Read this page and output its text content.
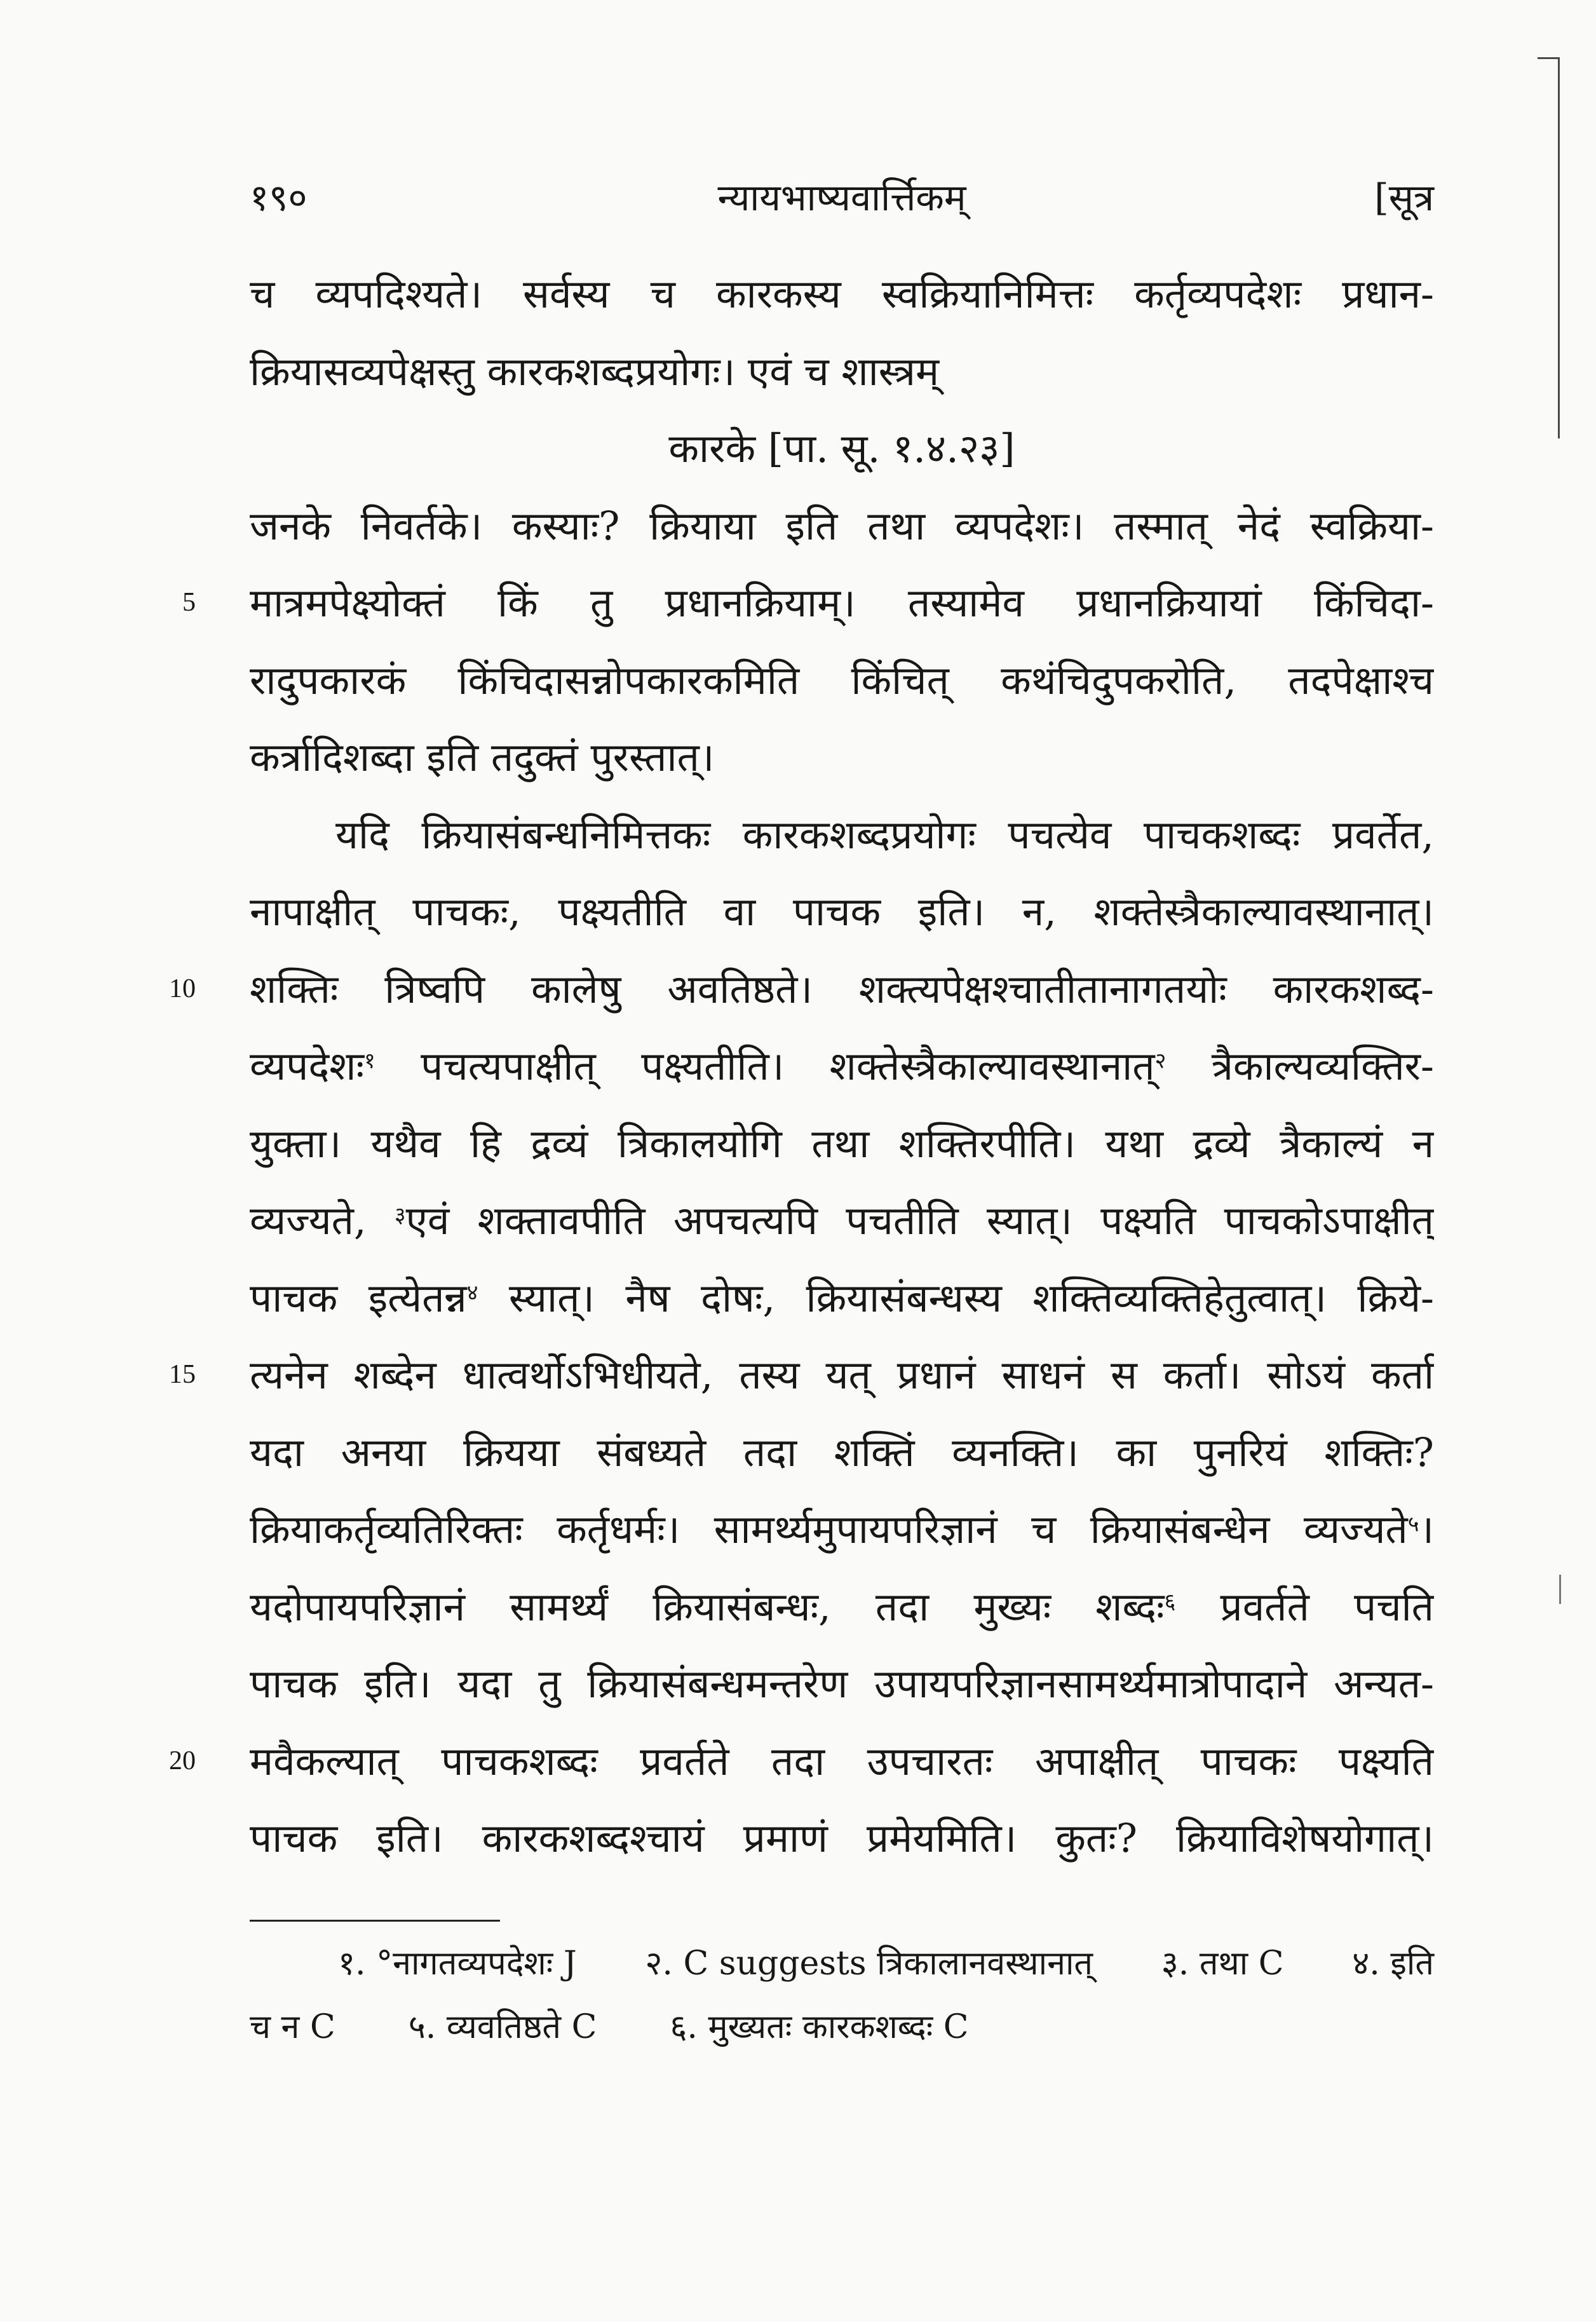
१९०	न्यायभाष्यवार्त्तिकम्	[सूत्र
च व्यपदिश्यते। सर्वस्य च कारकस्य स्वक्रियानिमित्तः कर्तृव्यपदेशः प्रधान-
क्रियासव्यपेक्षस्तु कारकशब्दप्रयोगः। एवं च शास्त्रम्
कारके [पा. सू. १.४.२३]
जनके निवर्तके। कस्याः? क्रियाया इति तथा व्यपदेशः। तस्मात् नेदं स्वक्रिया-
5 मात्रमपेक्ष्योक्तं किं तु प्रधानक्रियाम्। तस्यामेव प्रधानक्रियायां किंचिदा-
रादुपकारकं किंचिदासन्नोपकारकमिति किंचित् कथंचिदुपकरोति, तदपेक्षाश्च
कर्त्रादिशब्दा इति तदुक्तं पुरस्तात्।
यदि क्रियासंबन्धनिमित्तकः कारकशब्दप्रयोगः पचत्येव पाचकशब्दः प्रवर्तेत,
नापाक्षीत् पाचकः, पक्ष्यतीति वा पाचक इति। न, शक्तेस्त्रैकाल्यावस्थानात्।
10 शक्तिः त्रिष्वपि कालेषु अवतिष्ठते। शक्त्यपेक्षश्चातीतानागतयोः कारकशब्द-
व्यपदेशः$^१$ पचत्यपाक्षीत् पक्ष्यतीति। शक्तेस्त्रैकाल्यावस्थानात्$^२$ त्रैकाल्यव्यक्तिर-
युक्ता। यथैव हि द्रव्यं त्रिकालयोगि तथा शक्तिरपीति। यथा द्रव्ये त्रैकाल्यं न
व्यज्यते, $^३$एवं शक्तावपीति अपचत्यपि पचतीति स्यात्। पक्ष्यति पाचकोऽपाक्षीत्
पाचक इत्येतन्न$^४$ स्यात्। नैष दोषः, क्रियासंबन्धस्य शक्तिव्यक्तिहेतुत्वात्। क्रिये-
15 त्यनेन शब्देन धात्वर्थोऽभिधीयते, तस्य यत् प्रधानं साधनं स कर्ता। सोऽयं कर्ता
यदा अनया क्रियया संबध्यते तदा शक्तिं व्यनक्ति। का पुनरियं शक्तिः?
क्रियाकर्तृव्यतिरिक्तः कर्तृधर्मः। सामर्थ्यमुपायपरिज्ञानं च क्रियासंबन्धेन व्यज्यते$^५$।
यदोपायपरिज्ञानं सामर्थ्यं क्रियासंबन्धः, तदा मुख्यः शब्दः$^६$ प्रवर्तते पचति
पाचक इति। यदा तु क्रियासंबन्धमन्तरेण उपायपरिज्ञानसामर्थ्यमात्रोपादाने अन्यत-
20 मवैकल्यात् पाचकशब्दः प्रवर्तते तदा उपचारतः अपाक्षीत् पाचकः पक्ष्यति
पाचक इति। कारकशब्दश्चायं प्रमाणं प्रमेयमिति। कुतः? क्रियाविशेषयोगात्।
१. °नागतव्यपदेशः J २. C suggests त्रिकालानवस्थानात् ३. तथा C ४. इति
च न C ५. व्यवतिष्ठते C ६. मुख्यतः कारकशब्दः C
